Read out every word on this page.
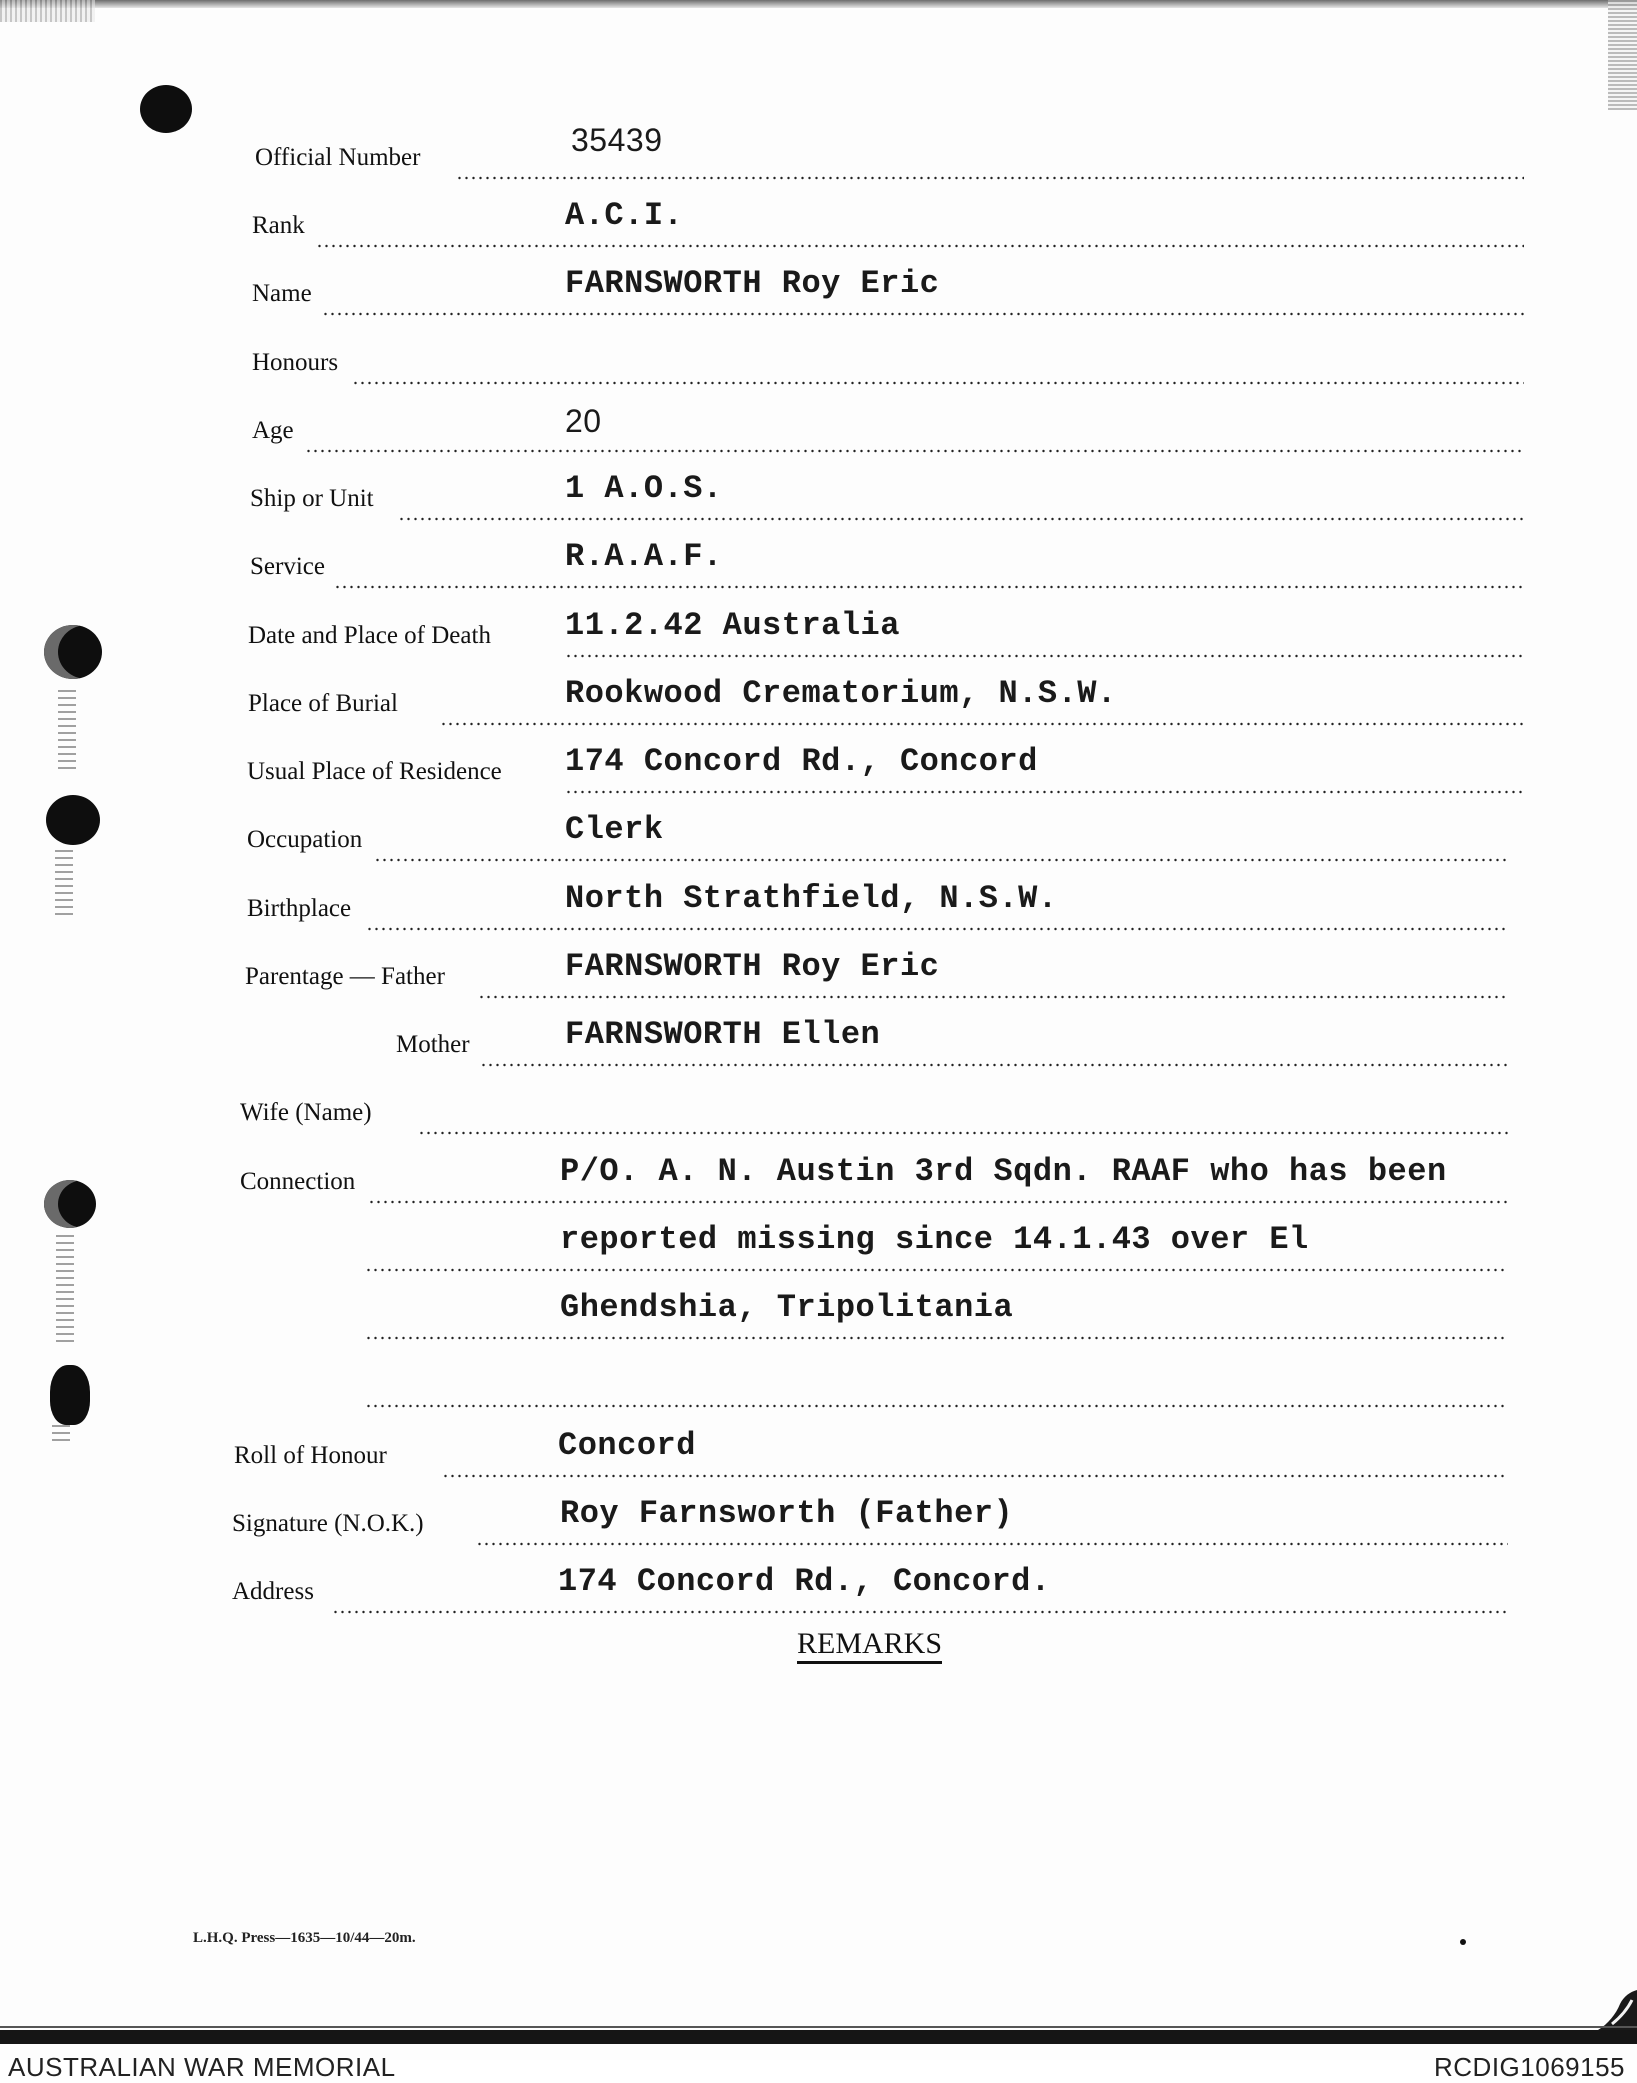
Official Number	35439
Rank	A.C.I.
Name	FARNSWORTH Roy Eric
Honours
Age	20
Ship or Unit	1 A.O.S.
Service	R.A.A.F.
Date and Place of Death 11.2.42 Australia
Place of Burial	Rookwood Crematorium, N.S.W.
Usual Place of Residence 174 Concord Rd., Concord
Occupation	Clerk
Birthplace	North Strathfield, N.S.W.
Parentage — Father	FARNSWORTH Roy Eric
Mother	FARNSWORTH Ellen
Wife (Name)
Connection	P/O. A. N. Austin 3rd Sqdn. RAAF who has been
reported missing since 14.1.43 over El
Ghendshia, Tripolitania
Roll of Honour	Concord
Signature (N.O.K.)	Roy Farnsworth (Father)
Address	174 Concord Rd., Concord.
REMARKS
L.H.Q. Press—1635—10/44—20m.
AUSTRALIAN WAR MEMORIAL	RCDIG1069155
